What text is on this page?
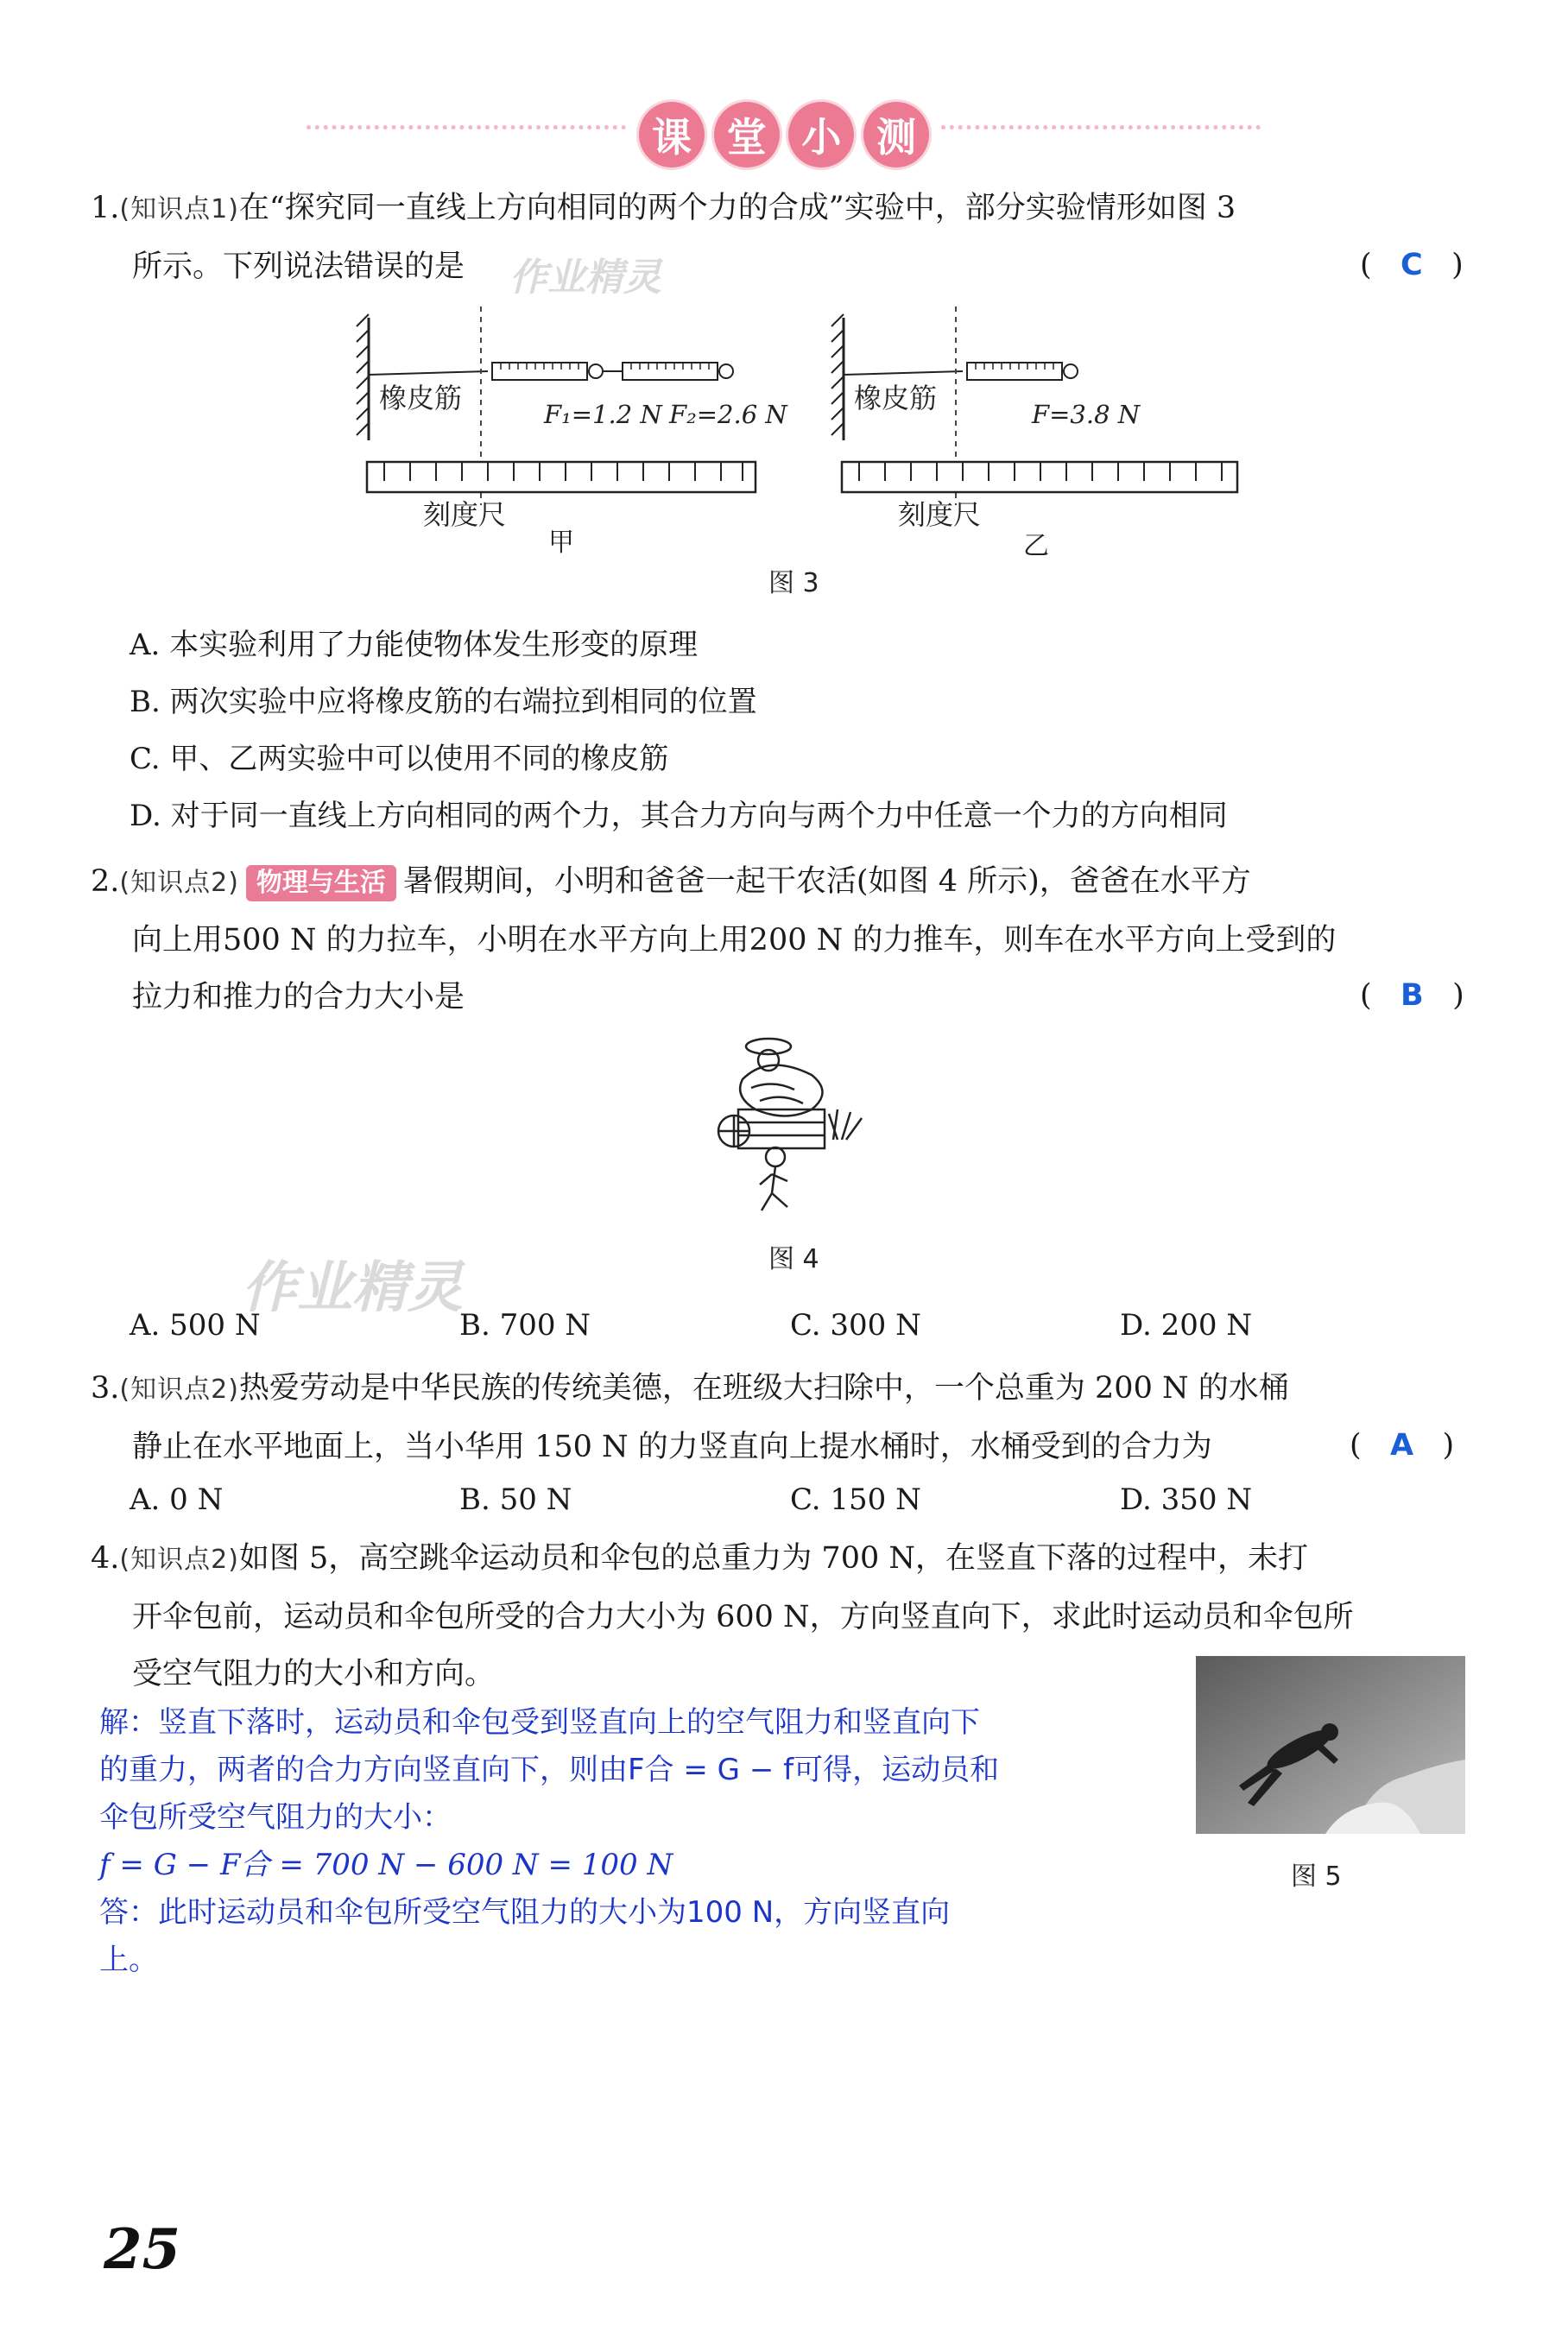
课 堂 小 测
1.(知识点1)在“探究同一直线上方向相同的两个力的合成”实验中，部分实验情形如图 3
所示。下列说法错误的是	(   C   )
橡皮筋	F₁=1.2 N F₂=2.6 N
刻度尺
甲
橡皮筋	F=3.8 N
刻度尺
乙
图 3
A. 本实验利用了力能使物体发生形变的原理
B. 两次实验中应将橡皮筋的右端拉到相同的位置
C. 甲、乙两实验中可以使用不同的橡皮筋
D. 对于同一直线上方向相同的两个力，其合力方向与两个力中任意一个力的方向相同
2.(知识点2) 物理与生活 暑假期间，小明和爸爸一起干农活(如图 4 所示)，爸爸在水平方
向上用500 N 的力拉车，小明在水平方向上用200 N 的力推车，则车在水平方向上受到的
拉力和推力的合力大小是	(   B   )
图 4
A. 500 N	B. 700 N	C. 300 N	D. 200 N
3.(知识点2)热爱劳动是中华民族的传统美德，在班级大扫除中，一个总重为 200 N 的水桶
静止在水平地面上，当小华用 150 N 的力竖直向上提水桶时，水桶受到的合力为	(   A   )
A. 0 N	B. 50 N	C. 150 N	D. 350 N
4.(知识点2)如图 5，高空跳伞运动员和伞包的总重力为 700 N，在竖直下落的过程中，未打
开伞包前，运动员和伞包所受的合力大小为 600 N，方向竖直向下，求此时运动员和伞包所
受空气阻力的大小和方向。
图 5
解：竖直下落时，运动员和伞包受到竖直向上的空气阻力和竖直向下
的重力，两者的合力方向竖直向下，则由F合 = G − f可得，运动员和
伞包所受空气阻力的大小：
f = G − F合 = 700 N − 600 N = 100 N
答：此时运动员和伞包所受空气阻力的大小为100 N，方向竖直向
上。
作业精灵
作业精灵
25
